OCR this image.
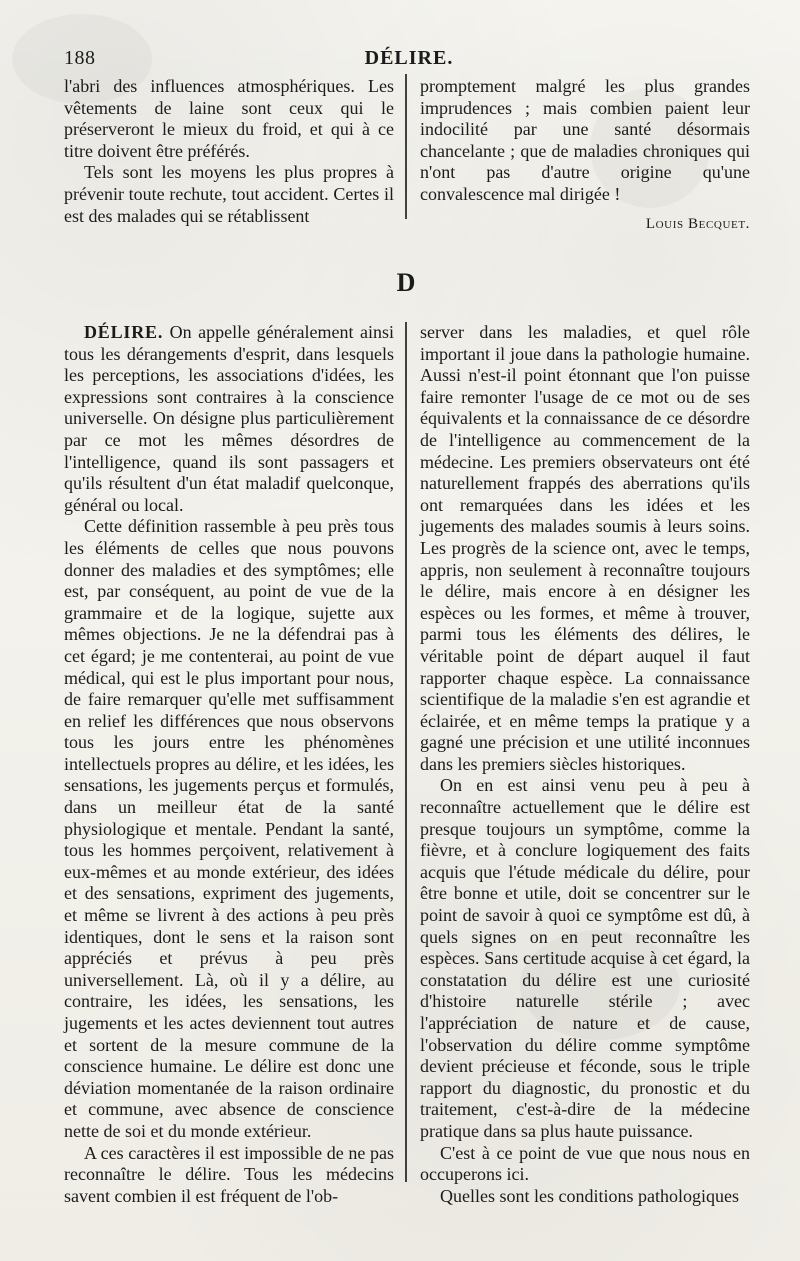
188	DÉLIRE.

l'abri des influences atmosphériques. Les vêtements de laine sont ceux qui le préserveront le mieux du froid, et qui à ce titre doivent être préférés.

Tels sont les moyens les plus propres à prévenir toute rechute, tout accident. Certes il est des malades qui se rétablissent

promptement malgré les plus grandes imprudences ; mais combien paient leur indocilité par une santé désormais chancelante ; que de maladies chroniques qui n'ont pas d'autre origine qu'une convalescence mal dirigée !

Louis Becquet.
D

DÉLIRE. On appelle généralement ainsi tous les dérangements d'esprit, dans lesquels les perceptions, les associations d'idées, les expressions sont contraires à la conscience universelle. On désigne plus particulièrement par ce mot les mêmes désordres de l'intelligence, quand ils sont passagers et qu'ils résultent d'un état maladif quelconque, général ou local.

Cette définition rassemble à peu près tous les éléments de celles que nous pouvons donner des maladies et des symptômes; elle est, par conséquent, au point de vue de la grammaire et de la logique, sujette aux mêmes objections. Je ne la défendrai pas à cet égard; je me contenterai, au point de vue médical, qui est le plus important pour nous, de faire remarquer qu'elle met suffisamment en relief les différences que nous observons tous les jours entre les phénomènes intellectuels propres au délire, et les idées, les sensations, les jugements perçus et formulés, dans un meilleur état de la santé physiologique et mentale. Pendant la santé, tous les hommes perçoivent, relativement à eux-mêmes et au monde extérieur, des idées et des sensations, expriment des jugements, et même se livrent à des actions à peu près identiques, dont le sens et la raison sont appréciés et prévus à peu près universellement. Là, où il y a délire, au contraire, les idées, les sensations, les jugements et les actes deviennent tout autres et sortent de la mesure commune de la conscience humaine. Le délire est donc une déviation momentanée de la raison ordinaire et commune, avec absence de conscience nette de soi et du monde extérieur.

A ces caractères il est impossible de ne pas reconnaître le délire. Tous les médecins savent combien il est fréquent de l'ob-

server dans les maladies, et quel rôle important il joue dans la pathologie humaine. Aussi n'est-il point étonnant que l'on puisse faire remonter l'usage de ce mot ou de ses équivalents et la connaissance de ce désordre de l'intelligence au commencement de la médecine. Les premiers observateurs ont été naturellement frappés des aberrations qu'ils ont remarquées dans les idées et les jugements des malades soumis à leurs soins. Les progrès de la science ont, avec le temps, appris, non seulement à reconnaître toujours le délire, mais encore à en désigner les espèces ou les formes, et même à trouver, parmi tous les éléments des délires, le véritable point de départ auquel il faut rapporter chaque espèce. La connaissance scientifique de la maladie s'en est agrandie et éclairée, et en même temps la pratique y a gagné une précision et une utilité inconnues dans les premiers siècles historiques.

On en est ainsi venu peu à peu à reconnaître actuellement que le délire est presque toujours un symptôme, comme la fièvre, et à conclure logiquement des faits acquis que l'étude médicale du délire, pour être bonne et utile, doit se concentrer sur le point de savoir à quoi ce symptôme est dû, à quels signes on en peut reconnaître les espèces. Sans certitude acquise à cet égard, la constatation du délire est une curiosité d'histoire naturelle stérile ; avec l'appréciation de nature et de cause, l'observation du délire comme symptôme devient précieuse et féconde, sous le triple rapport du diagnostic, du pronostic et du traitement, c'est-à-dire de la médecine pratique dans sa plus haute puissance.

C'est à ce point de vue que nous nous en occuperons ici.

Quelles sont les conditions pathologiques
